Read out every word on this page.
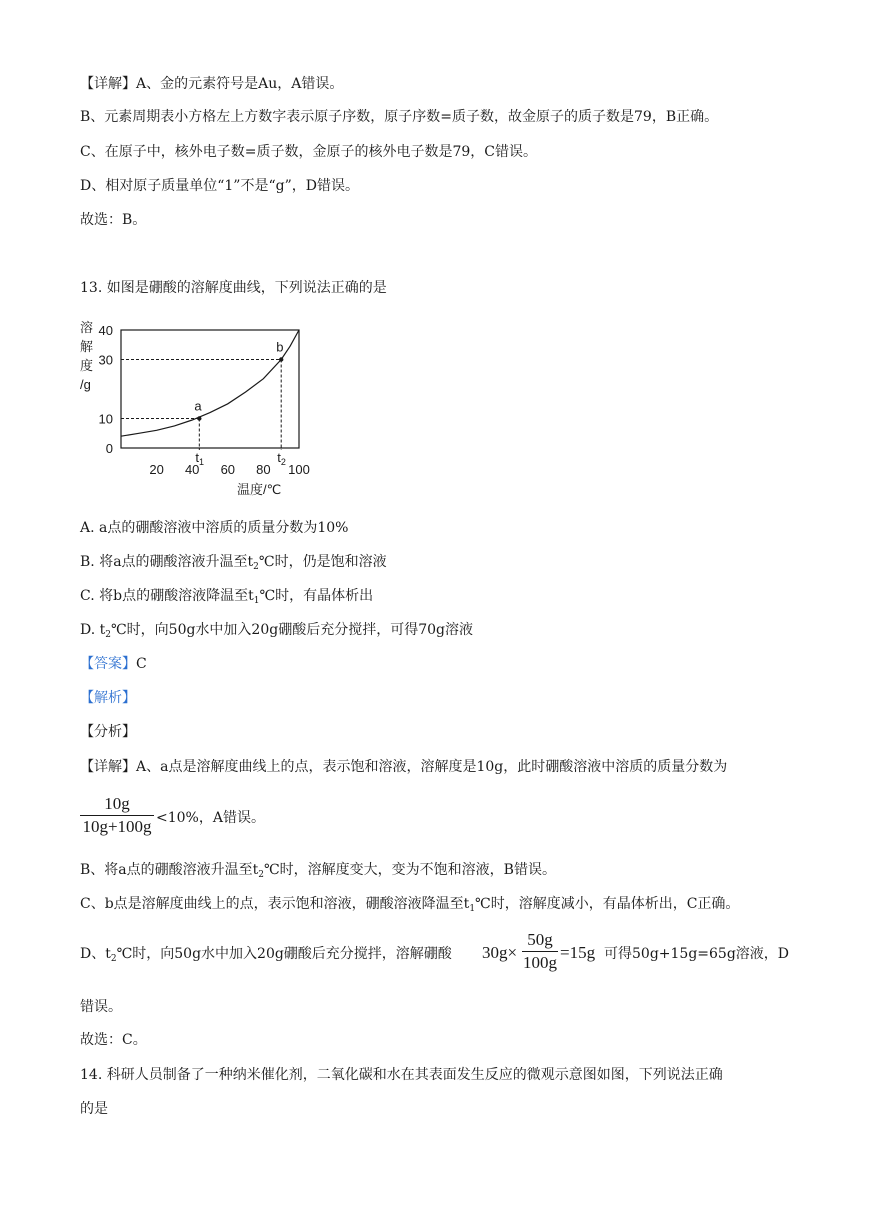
【详解】A、金的元素符号是Au，A错误。
B、元素周期表小方格左上方数字表示原子序数，原子序数=质子数，故金原子的质子数是79，B正确。
C、在原子中，核外电子数=质子数，金原子的核外电子数是79，C错误。
D、相对原子质量单位“1”不是“g”，D错误。
故选：B。
13. 如图是硼酸的溶解度曲线，下列说法正确的是
溶
解
度
/g
0
10
30
40
20 40 60 80 100
a
$t_1$
b
$t_2$
温度/℃
A. a点的硼酸溶液中溶质的质量分数为10%
B. 将a点的硼酸溶液升温至$t_2℃$时，仍是饱和溶液
C. 将b点的硼酸溶液降温至$t_1℃$时，有晶体析出
D. $t_2℃$时，向50g水中加入20g硼酸后充分搅拌，可得70g溶液
【答案】C
【解析】
【分析】
【详解】A、a点是溶解度曲线上的点，表示饱和溶液，溶解度是10g，此时硼酸溶液中溶质的质量分数为
10g
10g+100g <10%，A错误。
B、将a点的硼酸溶液升温至$t_2℃$时，溶解度变大，变为不饱和溶液，B错误。
C、b点是溶解度曲线上的点，表示饱和溶液，硼酸溶液降温至$t_1℃$时，溶解度减小，有晶体析出，C正确。
D、$t_2℃$时，向50g水中加入20g硼酸后充分搅拌，溶解硼酸 30g×
50g
100g
=15g 可得50g+15g=65g溶液，D
错误。
故选：C。
14. 科研人员制备了一种纳米催化剂，二氧化碳和水在其表面发生反应的微观示意图如图，下列说法正确
的是
